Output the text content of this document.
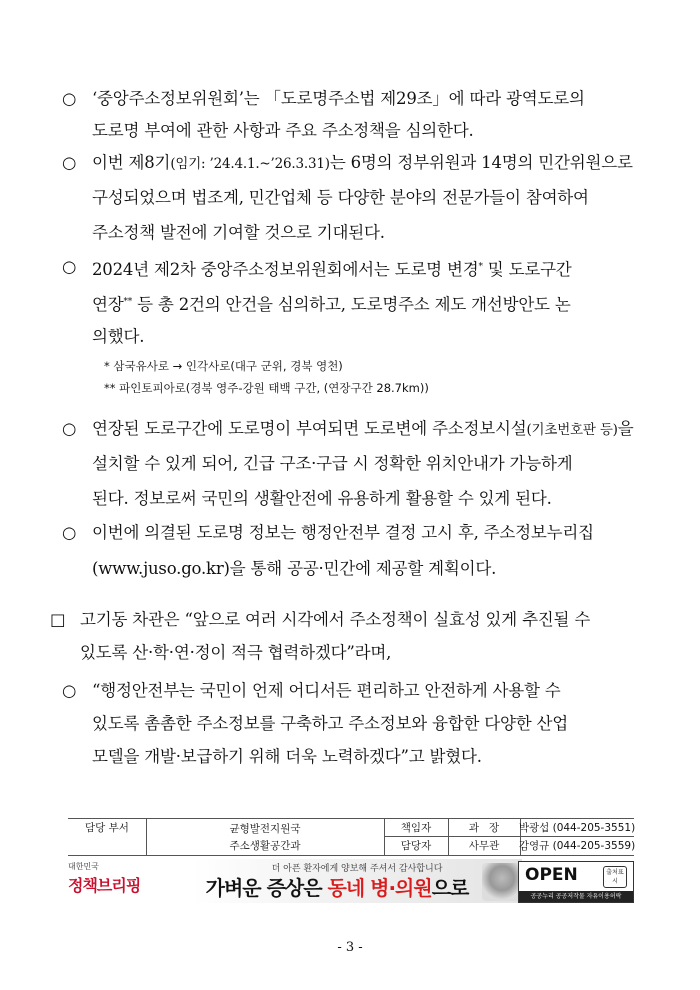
○ ‘중앙주소정보위원회’는 「도로명주소법 제29조」에 따라 광역도로의
도로명 부여에 관한 사항과 주요 주소정책을 심의한다.
○ 이번 제8기(임기: ’24.4.1.~’26.3.31)는 6명의 정부위원과 14명의 민간위원으로
구성되었으며 법조계, 민간업체 등 다양한 분야의 전문가들이 참여하여
주소정책 발전에 기여할 것으로 기대된다.
○ 2024년 제2차 중앙주소정보위원회에서는 도로명 변경* 및 도로구간
연장** 등 총 2건의 안건을 심의하고, 도로명주소 제도 개선방안도 논
의했다.
* 삼국유사로 → 인각사로(대구 군위, 경북 영천)
** 파인토피아로(경북 영주-강원 태백 구간, (연장구간 28.7km))
○ 연장된 도로구간에 도로명이 부여되면 도로변에 주소정보시설(기초번호판 등)을
설치할 수 있게 되어, 긴급 구조·구급 시 정확한 위치안내가 가능하게
된다. 정보로써 국민의 생활안전에 유용하게 활용할 수 있게 된다.
○ 이번에 의결된 도로명 정보는 행정안전부 결정 고시 후, 주소정보누리집
(www.juso.go.kr)을 통해 공공·민간에 제공할 계획이다.
□ 고기동 차관은 “앞으로 여러 시각에서 주소정책이 실효성 있게 추진될 수
있도록 산·학·연·정이 적극 협력하겠다”라며,
○ “행정안전부는 국민이 언제 어디서든 편리하고 안전하게 사용할 수
있도록 촘촘한 주소정보를 구축하고 주소정보와 융합한 다양한 산업
모델을 개발·보급하기 위해 더욱 노력하겠다”고 밝혔다.
담당 부서	균형발전지원국
주소생활공간과
책임자
담당자
과   장
사무관
박광섭 (044-205-3551)
감영규 (044-205-3559)
대한민국
정책브리핑
더 아픈 환자에게 양보해 주셔서 감사합니다
가벼운 증상은 동네 병·의원으로
OPEN	출처표시
공공누리 공공저작물 자유이용허락
- 3 -
